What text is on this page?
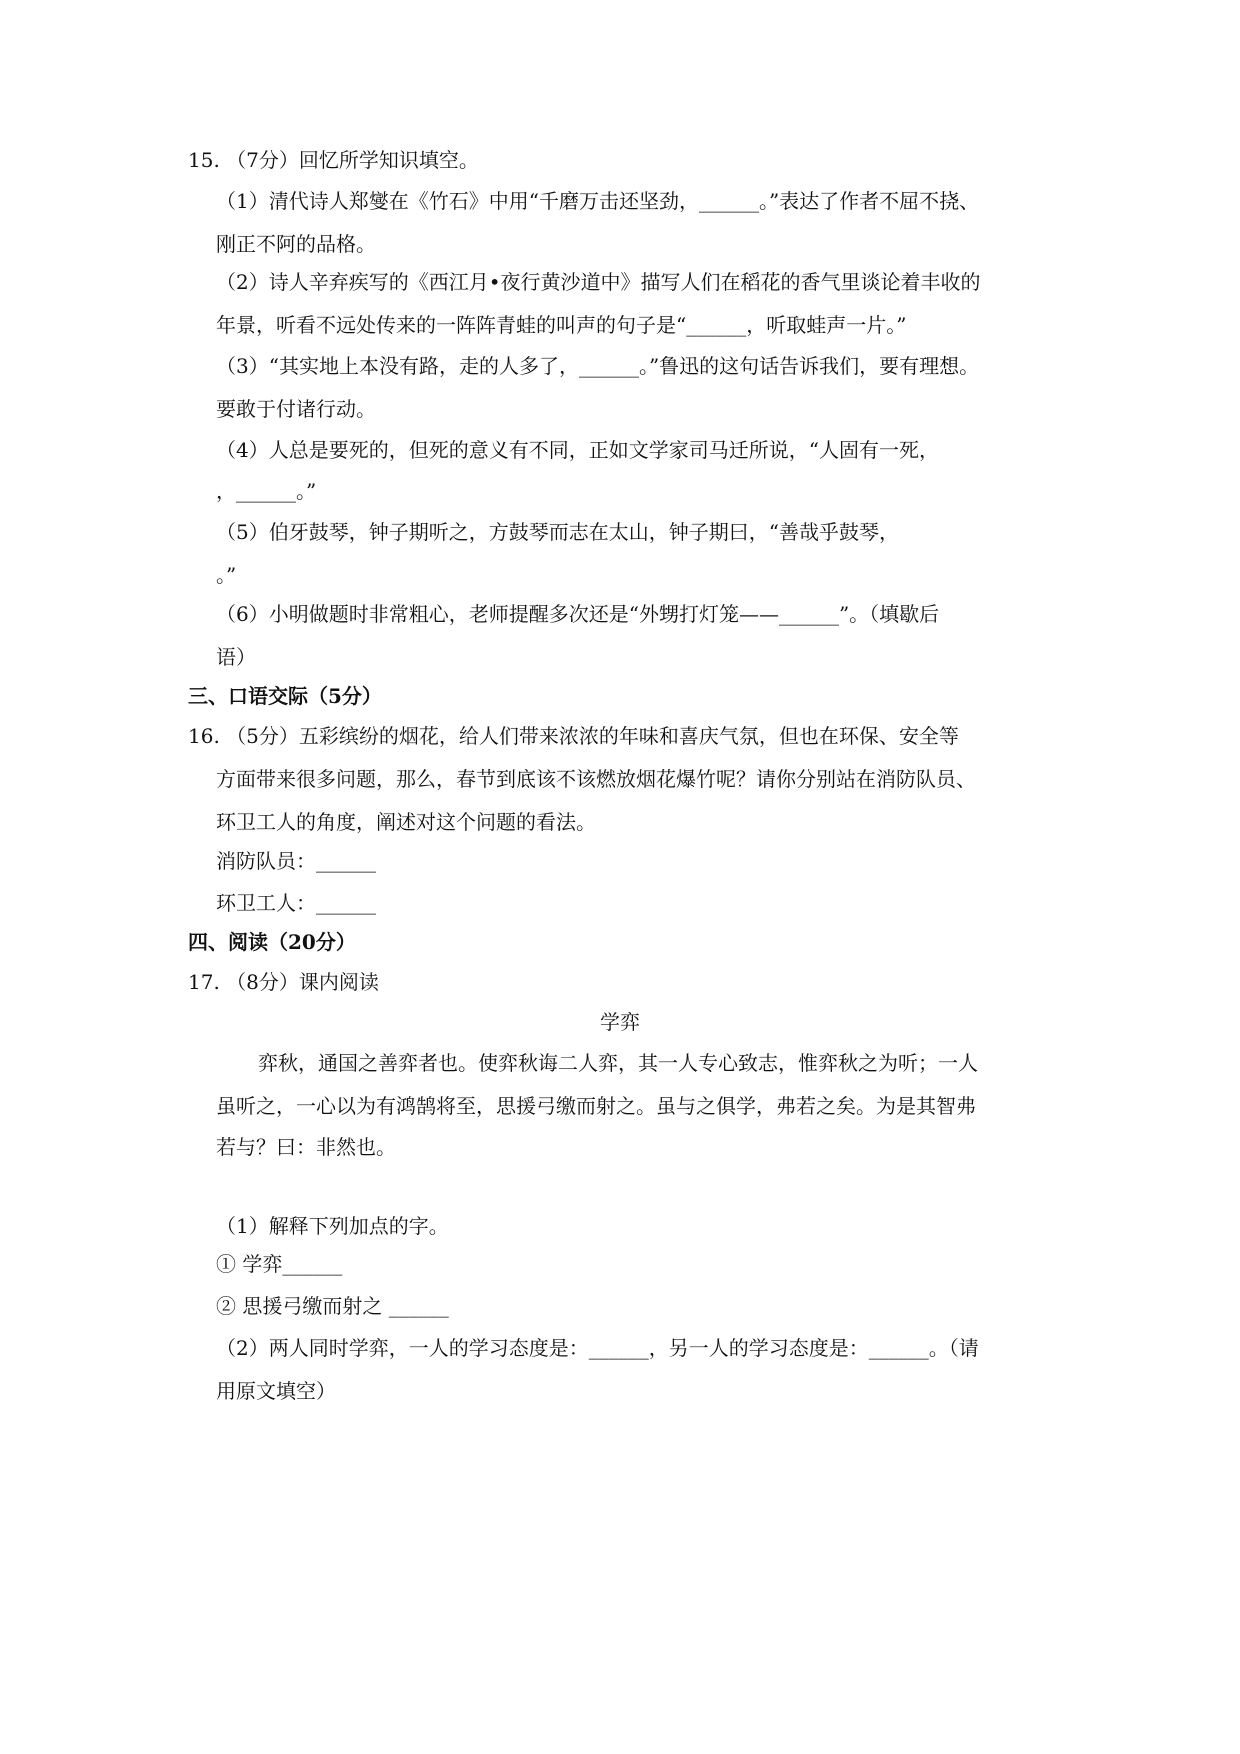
15. （7分）回忆所学知识填空。
（1）清代诗人郑燮在《竹石》中用“千磨万击还坚劲，______。”表达了作者不屈不挠、
刚正不阿的品格。
（2）诗人辛弃疾写的《西江月•夜行黄沙道中》描写人们在稻花的香气里谈论着丰收的
年景，听看不远处传来的一阵阵青蛙的叫声的句子是“______，听取蛙声一片。”
（3）“其实地上本没有路，走的人多了，______。”鲁迅的这句话告诉我们，要有理想。
要敢于付诸行动。
（4）人总是要死的，但死的意义有不同，正如文学家司马迁所说，“人固有一死，
，______。”
（5）伯牙鼓琴，钟子期听之，方鼓琴而志在太山，钟子期曰，“善哉乎鼓琴，
。”
（6）小明做题时非常粗心，老师提醒多次还是“外甥打灯笼——______”。（填歇后
语）
三、口语交际（5分）
16. （5分）五彩缤纷的烟花，给人们带来浓浓的年味和喜庆气氛，但也在环保、安全等
方面带来很多问题，那么，春节到底该不该燃放烟花爆竹呢？请你分别站在消防队员、
环卫工人的角度，阐述对这个问题的看法。
消防队员：______
环卫工人：______
四、阅读（20分）
17. （8分）课内阅读
学弈
弈秋，通国之善弈者也。使弈秋诲二人弈，其一人专心致志，惟弈秋之为听；一人
虽听之，一心以为有鸿鹄将至，思援弓缴而射之。虽与之俱学，弗若之矣。为是其智弗
若与？曰：非然也。
（1）解释下列加点的字。
① 学弈______
② 思援弓缴而射之 ______
（2）两人同时学弈，一人的学习态度是：______，另一人的学习态度是：______。（请
用原文填空）
